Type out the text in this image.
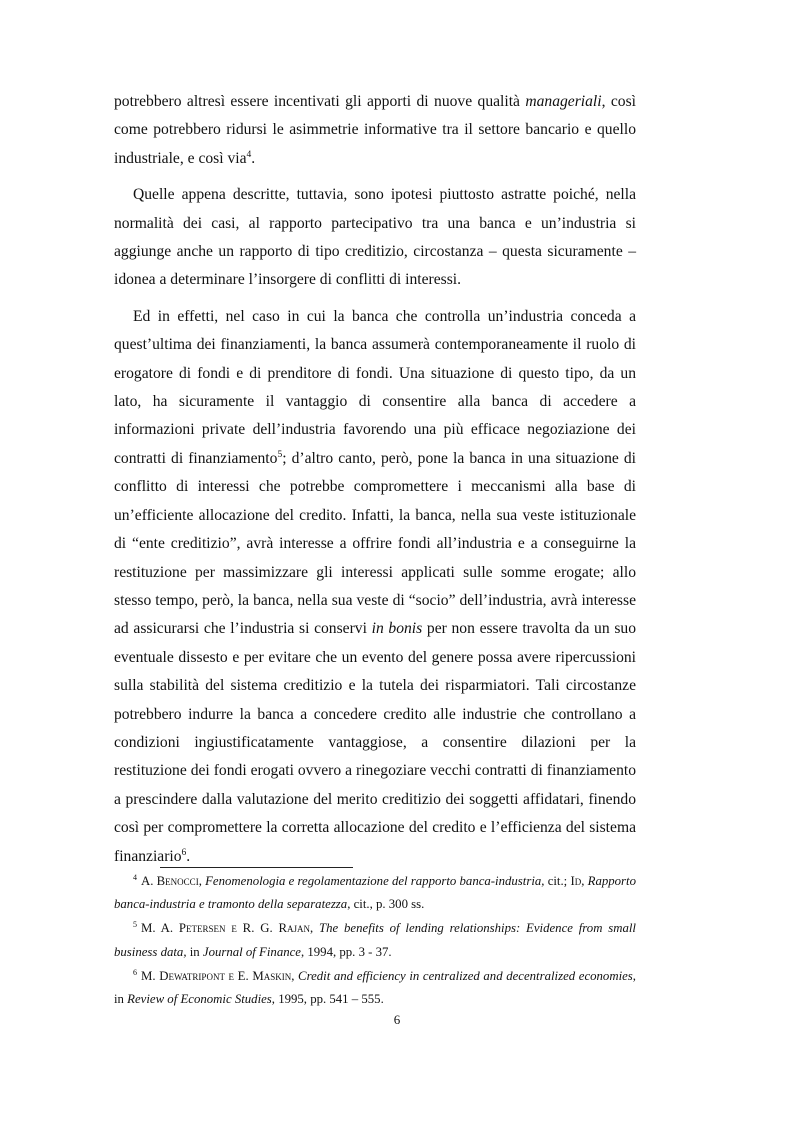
potrebbero altresì essere incentivati gli apporti di nuove qualità manageriali, così come potrebbero ridursi le asimmetrie informative tra il settore bancario e quello industriale, e così via$^4$.

Quelle appena descritte, tuttavia, sono ipotesi piuttosto astratte poiché, nella normalità dei casi, al rapporto partecipativo tra una banca e un’industria si aggiunge anche un rapporto di tipo creditizio, circostanza – questa sicuramente – idonea a determinare l’insorgere di conflitti di interessi.

Ed in effetti, nel caso in cui la banca che controlla un’industria conceda a quest’ultima dei finanziamenti, la banca assumerà contemporaneamente il ruolo di erogatore di fondi e di prenditore di fondi. Una situazione di questo tipo, da un lato, ha sicuramente il vantaggio di consentire alla banca di accedere a informazioni private dell’industria favorendo una più efficace negoziazione dei contratti di finanziamento$^5$; d’altro canto, però, pone la banca in una situazione di conflitto di interessi che potrebbe compromettere i meccanismi alla base di un’efficiente allocazione del credito. Infatti, la banca, nella sua veste istituzionale di “ente creditizio”, avrà interesse a offrire fondi all’industria e a conseguirne la restituzione per massimizzare gli interessi applicati sulle somme erogate; allo stesso tempo, però, la banca, nella sua veste di “socio” dell’industria, avrà interesse ad assicurarsi che l’industria si conservi in bonis per non essere travolta da un suo eventuale dissesto e per evitare che un evento del genere possa avere ripercussioni sulla stabilità del sistema creditizio e la tutela dei risparmiatori. Tali circostanze potrebbero indurre la banca a concedere credito alle industrie che controllano a condizioni ingiustificatamente vantaggiose, a consentire dilazioni per la restituzione dei fondi erogati ovvero a rinegoziare vecchi contratti di finanziamento a prescindere dalla valutazione del merito creditizio dei soggetti affidatari, finendo così per compromettere la corretta allocazione del credito e l’efficienza del sistema finanziario$^6$.

$^4$ A. Benocci, Fenomenologia e regolamentazione del rapporto banca-industria, cit.; Id, Rapporto banca-industria e tramonto della separatezza, cit., p. 300 ss.

$^5$ M. A. Petersen e R. G. Rajan, The benefits of lending relationships: Evidence from small business data, in Journal of Finance, 1994, pp. 3 - 37.

$^6$ M. Dewatripont e E. Maskin, Credit and efficiency in centralized and decentralized economies, in Review of Economic Studies, 1995, pp. 541 – 555.

6
